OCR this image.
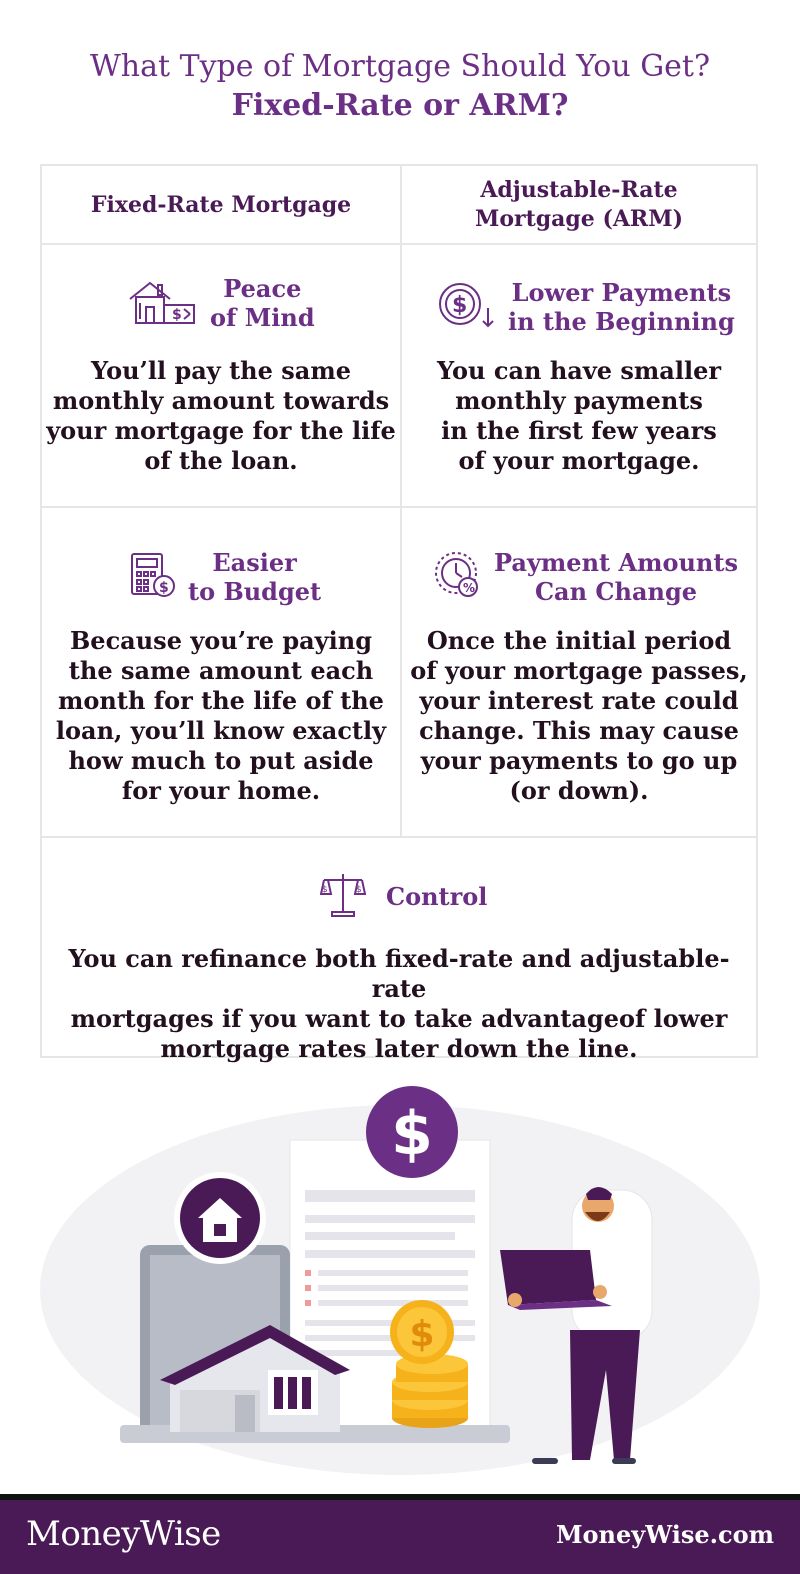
What Type of Mortgage Should You Get?
Fixed-Rate or ARM?
Fixed-Rate Mortgage
Adjustable-Rate
Mortgage (ARM)
$
Peace
of Mind
You’ll pay the same
monthly amount towards
your mortgage for the life
of the loan.
$ Lower Payments
in the Beginning
You can have smaller
monthly payments
in the first few years
of your mortgage.
$
Easier
to Budget
Because you’re paying
the same amount each
month for the life of the
loan, you’ll know exactly
how much to put aside
for your home.
%
Payment Amounts
Can Change
Once the initial period
of your mortgage passes,
your interest rate could
change. This may cause
your payments to go up
(or down).
$	$ Control
You can refinance both fixed-rate and adjustable-rate
mortgages if you want to take advantageof lower
mortgage rates later down the line.
$
$
MoneyWise	MoneyWise.com
